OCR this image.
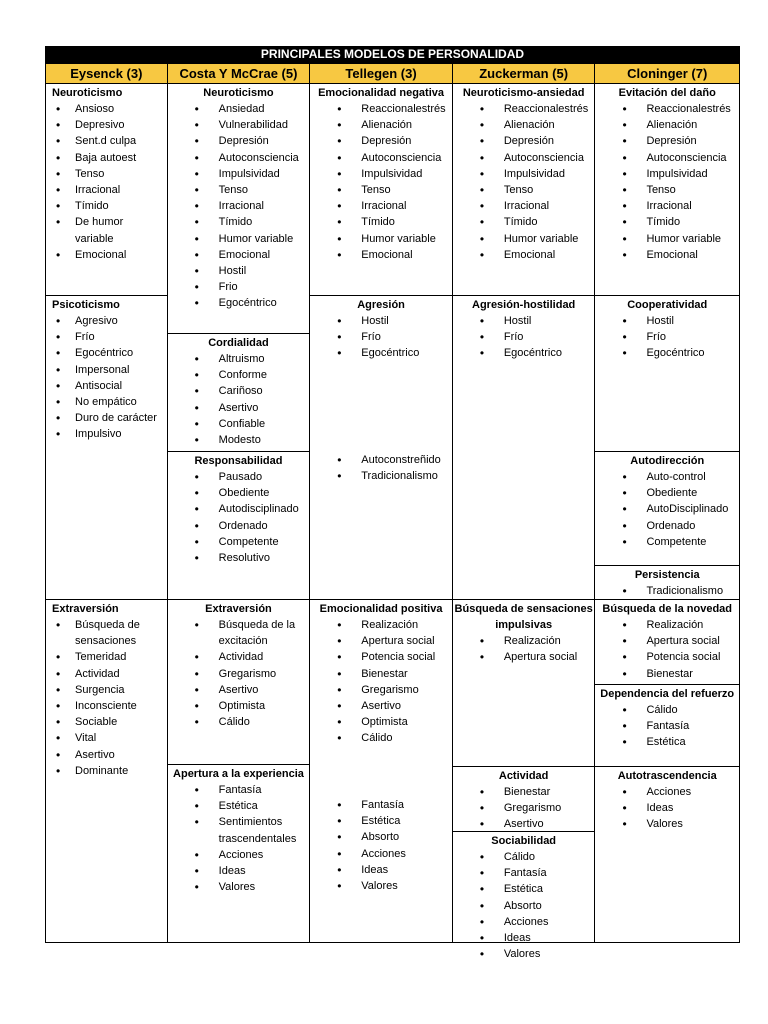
PRINCIPALES MODELOS DE PERSONALIDAD
Eysenck (3)
Neuroticismo
• Ansioso
• Depresivo
• Sent.d culpa
• Baja autoest
• Tenso
• Irracional
• Tímido
• De humor variable
• Emocional
Psicoticismo
• Agresivo
• Frío
• Egocéntrico
• Impersonal
• Antisocial
• No empático
• Duro de carácter
• Impulsivo
Extraversión
• Búsqueda de sensaciones
• Temeridad
• Actividad
• Surgencia
• Inconsciente
• Sociable
• Vital
• Asertivo
• Dominante
Costa Y McCrae (5)
Neuroticismo
• Ansiedad
• Vulnerabilidad
• Depresión
• Autoconsciencia
• Impulsividad
• Tenso
• Irracional
• Tímido
• Humor variable
• Emocional
• Hostil
• Frio
• Egocéntrico
Cordialidad
• Altruismo
• Conforme
• Cariñoso
• Asertivo
• Confiable
• Modesto
Responsabilidad
• Pausado
• Obediente
• Autodisciplinado
• Ordenado
• Competente
• Resolutivo
Extraversión
• Búsqueda de la excitación
• Actividad
• Gregarismo
• Asertivo
• Optimista
• Cálido
Apertura a la experiencia
• Fantasía
• Estética
• Sentimientos trascendentales
• Acciones
• Ideas
• Valores
Tellegen (3)
Emocionalidad negativa
• Reaccionalestrés
• Alienación
• Depresión
• Autoconsciencia
• Impulsividad
• Tenso
• Irracional
• Tímido
• Humor variable
• Emocional
Agresión
• Hostil
• Frío
• Egocéntrico
• Autoconstreñido
• Tradicionalismo
Emocionalidad positiva
• Realización
• Apertura social
• Potencia social
• Bienestar
• Gregarismo
• Asertivo
• Optimista
• Cálido
• Fantasía
• Estética
• Absorto
• Acciones
• Ideas
• Valores
Zuckerman (5)
Neuroticismo-ansiedad
• Reaccionalestrés
• Alienación
• Depresión
• Autoconsciencia
• Impulsividad
• Tenso
• Irracional
• Tímido
• Humor variable
• Emocional
Agresión-hostilidad
• Hostil
• Frío
• Egocéntrico
Búsqueda de sensaciones impulsivas
• Realización
• Apertura social
Actividad
• Bienestar
• Gregarismo
• Asertivo
Sociabilidad
• Cálido
• Fantasía
• Estética
• Absorto
• Acciones
• Ideas
• Valores
Cloninger (7)
Evitación del daño
• Reaccionalestrés
• Alienación
• Depresión
• Autoconsciencia
• Impulsividad
• Tenso
• Irracional
• Tímido
• Humor variable
• Emocional
Cooperatividad
• Hostil
• Frío
• Egocéntrico
Autodirección
• Auto-control
• Obediente
• AutoDisciplinado
• Ordenado
• Competente
Persistencia
• Tradicionalismo
Búsqueda de la novedad
• Realización
• Apertura social
• Potencia social
• Bienestar
Dependencia del refuerzo
• Cálido
• Fantasía
• Estética
Autotrascendencia
• Acciones
• Ideas
• Valores
